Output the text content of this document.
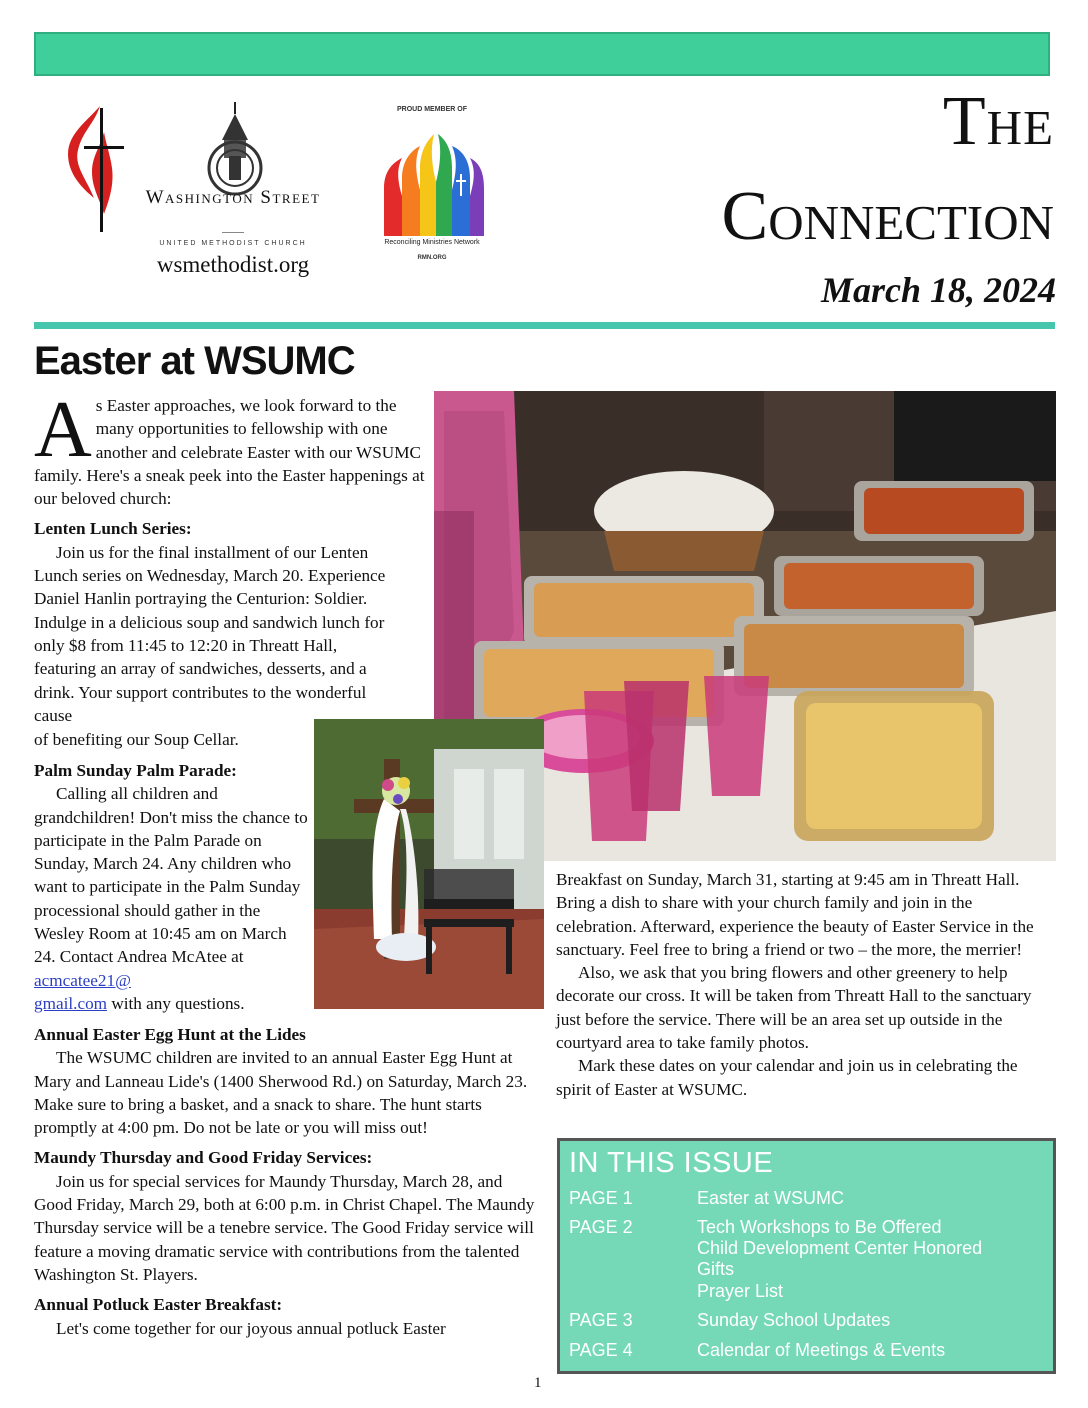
Washington Street
UNITED METHODIST CHURCH
wsmethodist.org
PROUD MEMBER OF
Reconciling Ministries Network
RMN.ORG
The
Connection
March 18, 2024
Easter at WSUMC

As Easter approaches, we look forward to the many opportunities to fellowship with one another and celebrate Easter with our WSUMC family. Here's a sneak peek into the Easter happenings at our beloved church:

Lenten Lunch Series:

Join us for the final installment of our Lenten Lunch series on Wednesday, March 20. Experience Daniel Hanlin portraying the Centurion: Soldier. Indulge in a delicious soup and sandwich lunch for only $8 from 11:45 to 12:20 in Threatt Hall, featuring an array of sandwiches, desserts, and a drink. Your support contributes to the wonderful cause

of benefiting our Soup Cellar.

Palm Sunday Palm Parade:

Calling all children and grandchildren! Don't miss the chance to participate in the Palm Parade on Sunday, March 24. Any children who want to participate in the Palm Sunday processional should gather in the Wesley Room at 10:45 am on March 24. Contact Andrea McAtee at acmcatee21@
gmail.com with any questions.

Annual Easter Egg Hunt at the Lides

The WSUMC children are invited to an annual Easter Egg Hunt at Mary and Lanneau Lide's (1400 Sherwood Rd.) on Saturday, March 23. Make sure to bring a basket, and a snack to share. The hunt starts promptly at 4:00 pm. Do not be late or you will miss out!

Maundy Thursday and Good Friday Services:

Join us for special services for Maundy Thursday, March 28, and Good Friday, March 29, both at 6:00 p.m. in Christ Chapel. The Maundy Thursday service will be a tenebre service. The Good Friday service will feature a moving dramatic service with contributions from the talented Washington St. Players.

Annual Potluck Easter Breakfast:

Let's come together for our joyous annual potluck Easter

Breakfast on Sunday, March 31, starting at 9:45 am in Threatt Hall. Bring a dish to share with your church family and join in the celebration. Afterward, experience the beauty of Easter Service in the sanctuary. Feel free to bring a friend or two – the more, the merrier!

Also, we ask that you bring flowers and other greenery to help decorate our cross. It will be taken from Threatt Hall to the sanctuary just before the service. There will be an area set up outside in the courtyard area to take family photos.

Mark these dates on your calendar and join us in celebrating the spirit of Easter at WSUMC.

IN THIS ISSUE
PAGE 1	Easter at WSUMC
PAGE 2	Tech Workshops to Be Offered
Child Development Center Honored
Gifts
Prayer List
PAGE 3	Sunday School Updates
PAGE 4	Calendar of Meetings & Events
1
